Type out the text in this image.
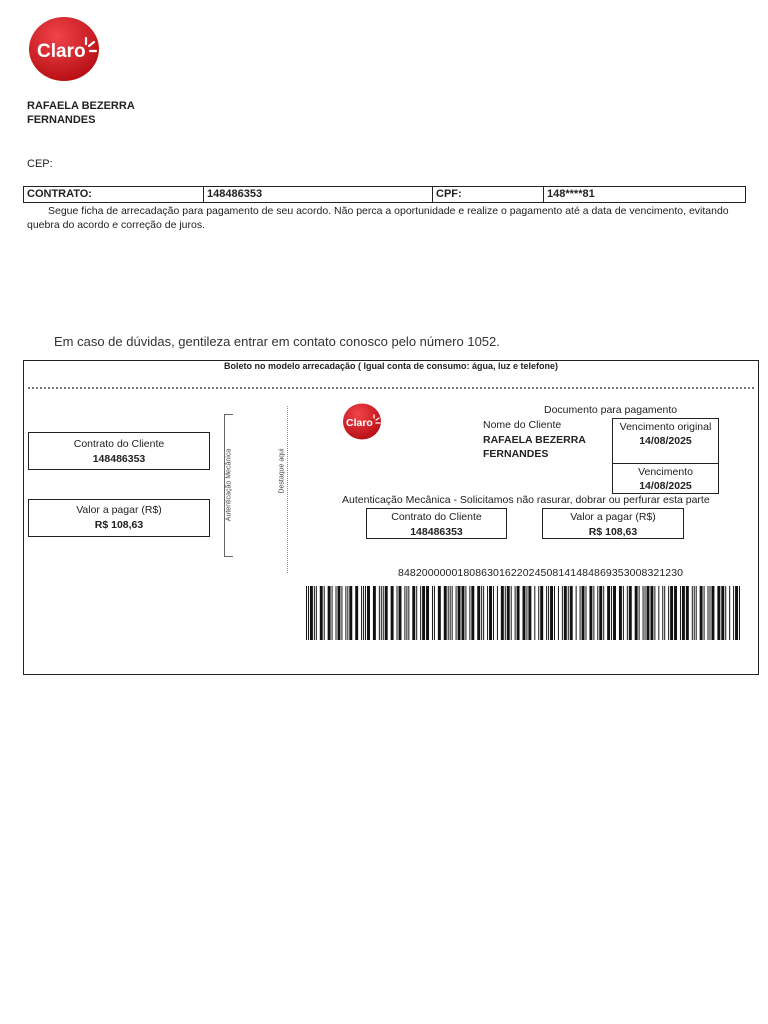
Claro
RAFAELA BEZERRA FERNANDES
CEP:
CONTRATO:	148486353	CPF:	148****81
Segue ficha de arrecadação para pagamento de seu acordo. Não perca a oportunidade e realize o pagamento até a data de vencimento, evitando quebra do acordo e correção de juros.
Em caso de dúvidas, gentileza entrar em contato conosco pelo número 1052.
Boleto no modelo arrecadação ( Igual conta de consumo: água, luz e telefone)
Contrato do Cliente
148486353
Valor a pagar (R$)
R$ 108,63
Autenticação Mecânica	Destaque aqui
Claro
Documento para pagamento
Nome do Cliente
RAFAELA BEZERRA FERNANDES
Vencimento original
14/08/2025
Vencimento
14/08/2025
Autenticação Mecânica - Solicitamos não rasurar, dobrar ou perfurar esta parte
Contrato do Cliente
148486353
Valor a pagar (R$)
R$ 108,63
848200000018086301622024508141484869353008321230
